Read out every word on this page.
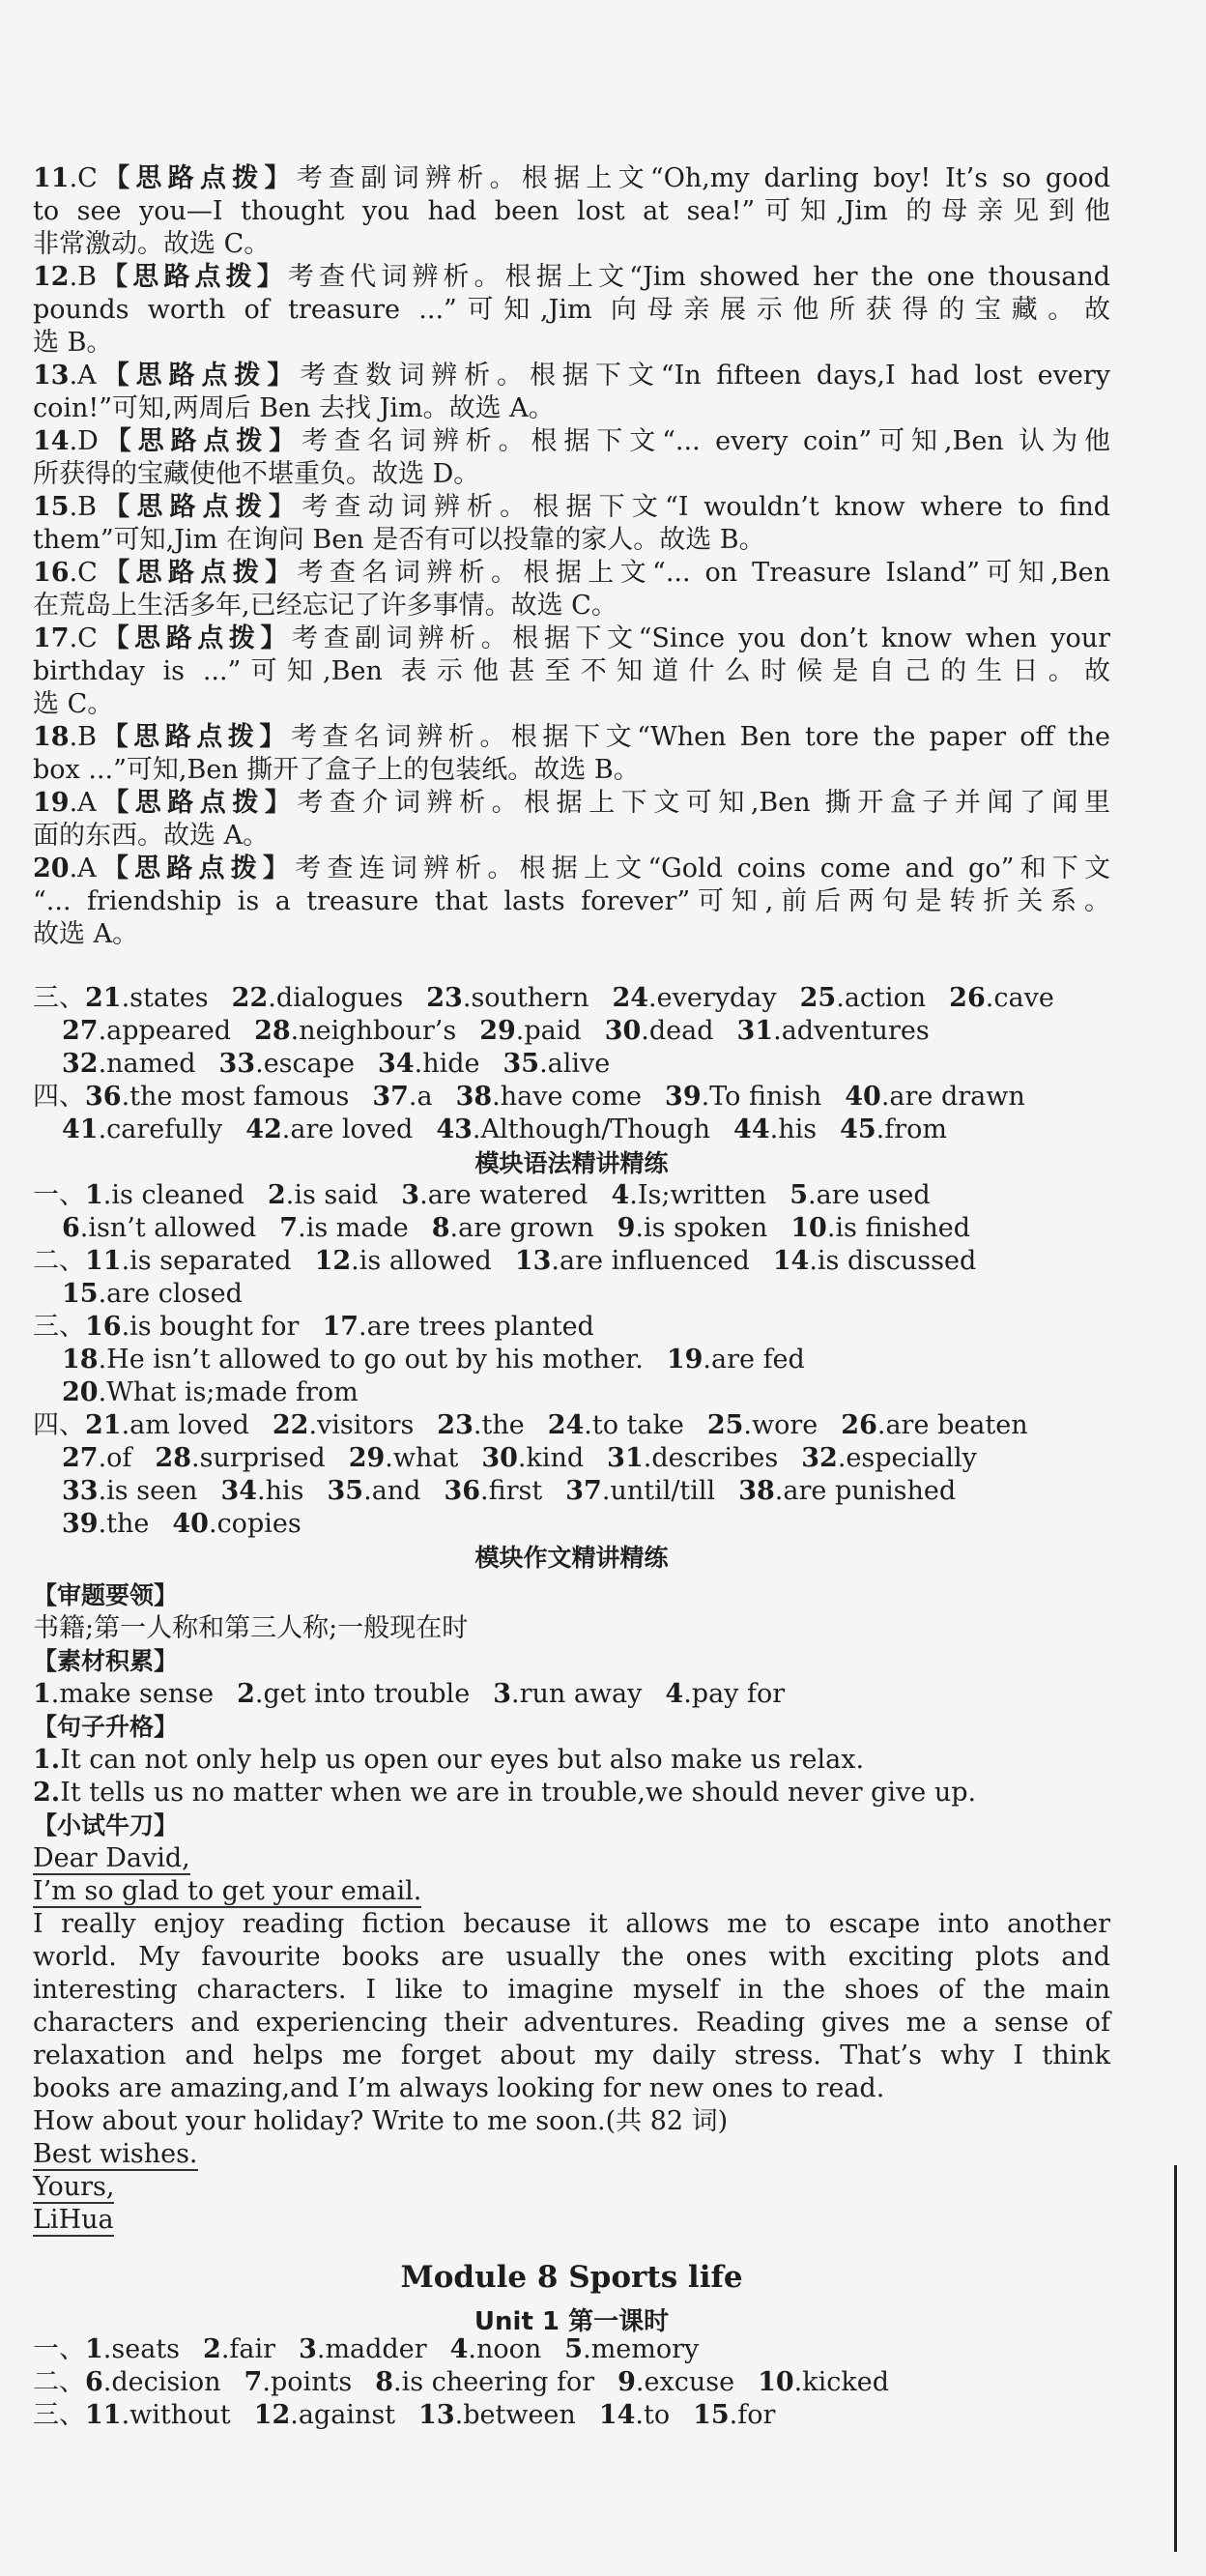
11.C【思路点拨】考查副词辨析。根据上文“Oh,my darling boy! It’s so good
to see you—I thought you had been lost at sea!”可知,Jim 的母亲见到他
非常激动。故选 C。
12.B【思路点拨】考查代词辨析。根据上文“Jim showed her the one thousand
pounds worth of treasure ...”可知,Jim 向母亲展示他所获得的宝藏。故
选 B。
13.A【思路点拨】考查数词辨析。根据下文“In fifteen days,I had lost every
coin!”可知,两周后 Ben 去找 Jim。故选 A。
14.D【思路点拨】考查名词辨析。根据下文“... every coin”可知,Ben 认为他
所获得的宝藏使他不堪重负。故选 D。
15.B【思路点拨】考查动词辨析。根据下文“I wouldn’t know where to find
them”可知,Jim 在询问 Ben 是否有可以投靠的家人。故选 B。
16.C【思路点拨】考查名词辨析。根据上文“... on Treasure Island”可知,Ben
在荒岛上生活多年,已经忘记了许多事情。故选 C。
17.C【思路点拨】考查副词辨析。根据下文“Since you don’t know when your
birthday is ...”可知,Ben 表示他甚至不知道什么时候是自己的生日。故
选 C。
18.B【思路点拨】考查名词辨析。根据下文“When Ben tore the paper off the
box ...”可知,Ben 撕开了盒子上的包装纸。故选 B。
19.A【思路点拨】考查介词辨析。根据上下文可知,Ben 撕开盒子并闻了闻里
面的东西。故选 A。
20.A【思路点拨】考查连词辨析。根据上文“Gold coins come and go”和下文
“... friendship is a treasure that lasts forever”可知,前后两句是转折关系。
故选 A。
三、21.states 22.dialogues 23.southern 24.everyday 25.action 26.cave
27.appeared 28.neighbour’s 29.paid 30.dead 31.adventures
32.named 33.escape 34.hide 35.alive
四、36.the most famous 37.a 38.have come 39.To finish 40.are drawn
41.carefully 42.are loved 43.Although/Though 44.his 45.from
模块语法精讲精练
一、1.is cleaned 2.is said 3.are watered 4.Is;written 5.are used
6.isn’t allowed 7.is made 8.are grown 9.is spoken 10.is finished
二、11.is separated 12.is allowed 13.are influenced 14.is discussed
15.are closed
三、16.is bought for 17.are trees planted
18.He isn’t allowed to go out by his mother. 19.are fed
20.What is;made from
四、21.am loved 22.visitors 23.the 24.to take 25.wore 26.are beaten
27.of 28.surprised 29.what 30.kind 31.describes 32.especially
33.is seen 34.his 35.and 36.first 37.until/till 38.are punished
39.the 40.copies
模块作文精讲精练
【审题要领】
书籍;第一人称和第三人称;一般现在时
【素材积累】
1.make sense 2.get into trouble 3.run away 4.pay for
【句子升格】
1.It can not only help us open our eyes but also make us relax.
2.It tells us no matter when we are in trouble,we should never give up.
【小试牛刀】
Dear David,
I’m so glad to get your email.
I really enjoy reading fiction because it allows me to escape into another
world. My favourite books are usually the ones with exciting plots and
interesting characters. I like to imagine myself in the shoes of the main
characters and experiencing their adventures. Reading gives me a sense of
relaxation and helps me forget about my daily stress. That’s why I think
books are amazing,and I’m always looking for new ones to read.
How about your holiday? Write to me soon.(共 82 词)
Best wishes.
Yours,
LiHua
Module 8 Sports life
Unit 1 第一课时
一、1.seats 2.fair 3.madder 4.noon 5.memory
二、6.decision 7.points 8.is cheering for 9.excuse 10.kicked
三、11.without 12.against 13.between 14.to 15.for
